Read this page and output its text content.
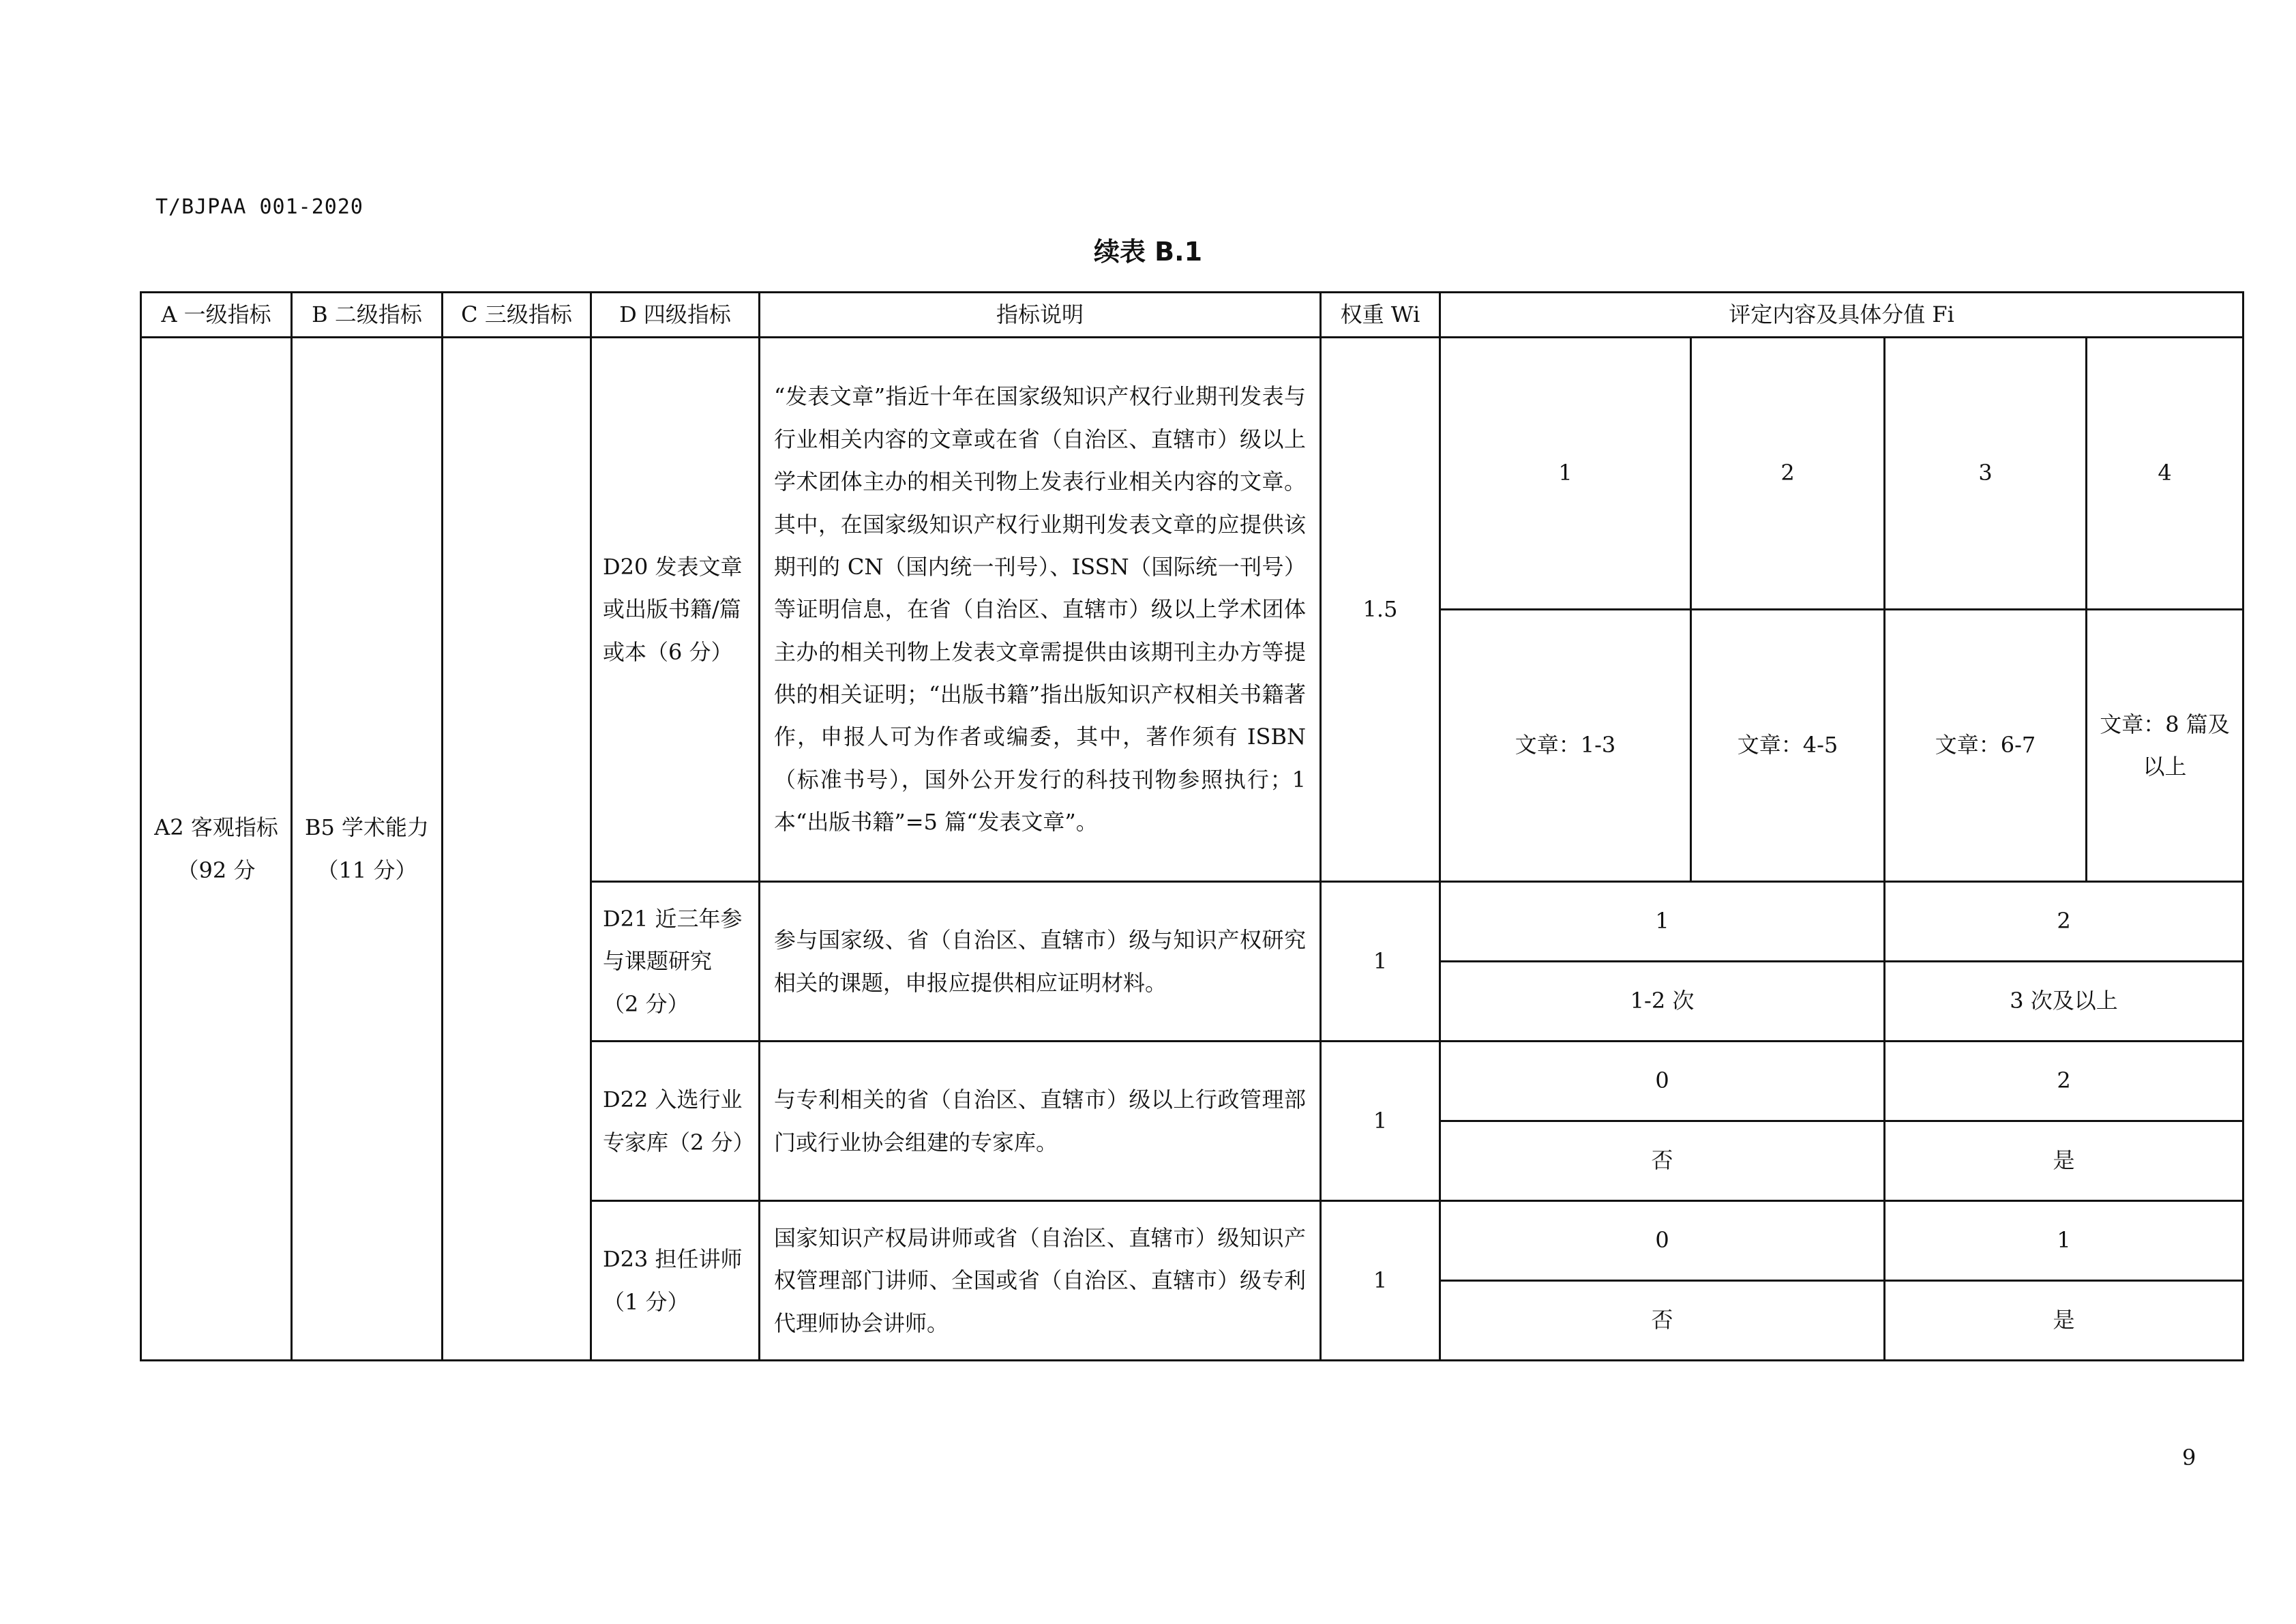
T/BJPAA 001-2020
续表 B.1
A 一级指标	B 二级指标	C 三级指标	D 四级指标	指标说明	权重 Wi	评定内容及具体分值 Fi			
A2 客观指标（92 分	B5 学术能力（11 分）		D20 发表文章或出版书籍/篇或本（6 分）	“发表文章”指近十年在国家级知识产权行业期刊发表与行业相关内容的文章或在省（自治区、直辖市）级以上学术团体主办的相关刊物上发表行业相关内容的文章。其中，在国家级知识产权行业期刊发表文章的应提供该期刊的 CN（国内统一刊号）、ISSN（国际统一刊号）等证明信息，在省（自治区、直辖市）级以上学术团体主办的相关刊物上发表文章需提供由该期刊主办方等提供的相关证明；“出版书籍”指出版知识产权相关书籍著作，申报人可为作者或编委，其中，著作须有 ISBN（标准书号），国外公开发行的科技刊物参照执行；1 本“出版书籍”=5 篇“发表文章”。	1.5	1	2	3	4
						文章：1-3	文章：4-5	文章：6-7	文章：8 篇及以上
			D21 近三年参与课题研究（2 分）	参与国家级、省（自治区、直辖市）级与知识产权研究相关的课题，申报应提供相应证明材料。	1	1		2	
						1-2 次		3 次及以上	
			D22 入选行业专家库（2 分）	与专利相关的省（自治区、直辖市）级以上行政管理部门或行业协会组建的专家库。	1	0		2	
						否		是	
			D23 担任讲师（1 分）	国家知识产权局讲师或省（自治区、直辖市）级知识产权管理部门讲师、全国或省（自治区、直辖市）级专利代理师协会讲师。	1	0		1	
						否		是	
9
